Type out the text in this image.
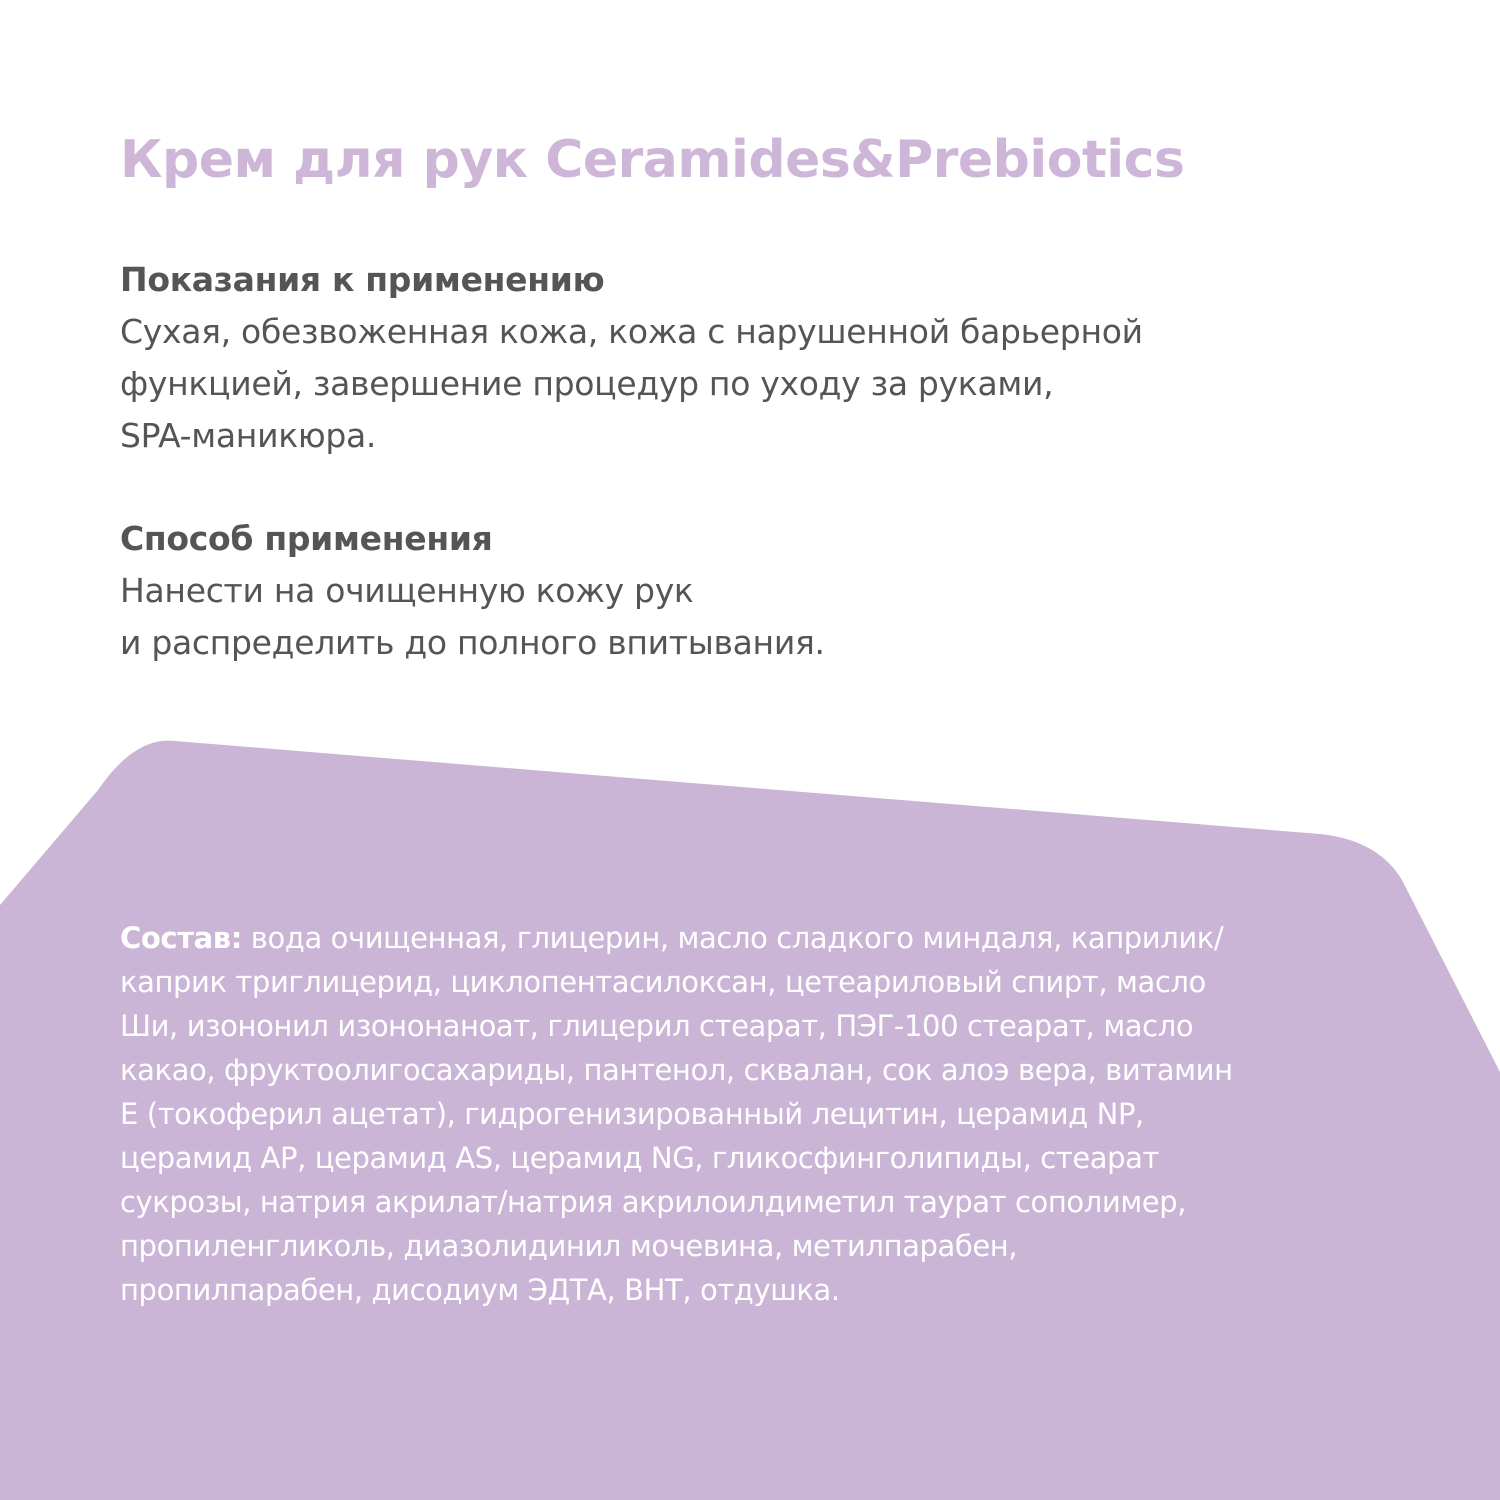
Крем для рук Ceramides&Prebiotics
Показания к применению
Сухая, обезвоженная кожа, кожа с нарушенной барьерной
функцией, завершение процедур по уходу за руками,
SPA-маникюра.
Способ применения
Нанести на очищенную кожу рук
и распределить до полного впитывания.

Состав: вода очищенная, глицерин, масло сладкого миндаля, каприлик/
каприк триглицерид, циклопентасилоксан, цетеариловый спирт, масло
Ши, изононил изононаноат, глицерил стеарат, ПЭГ-100 стеарат, масло
какао, фруктоолигосахариды, пантенол, сквалан, сок алоэ вера, витамин
Е (токоферил ацетат), гидрогенизированный лецитин, церамид NP,
церамид АР, церамид AS, церамид NG, гликосфинголипиды, стеарат
сукрозы, натрия акрилат/натрия акрилоилдиметил таурат сополимер,
пропиленгликоль, диазолидинил мочевина, метилпарабен,
пропилпарабен, дисодиум ЭДТА, ВНТ, отдушка.
